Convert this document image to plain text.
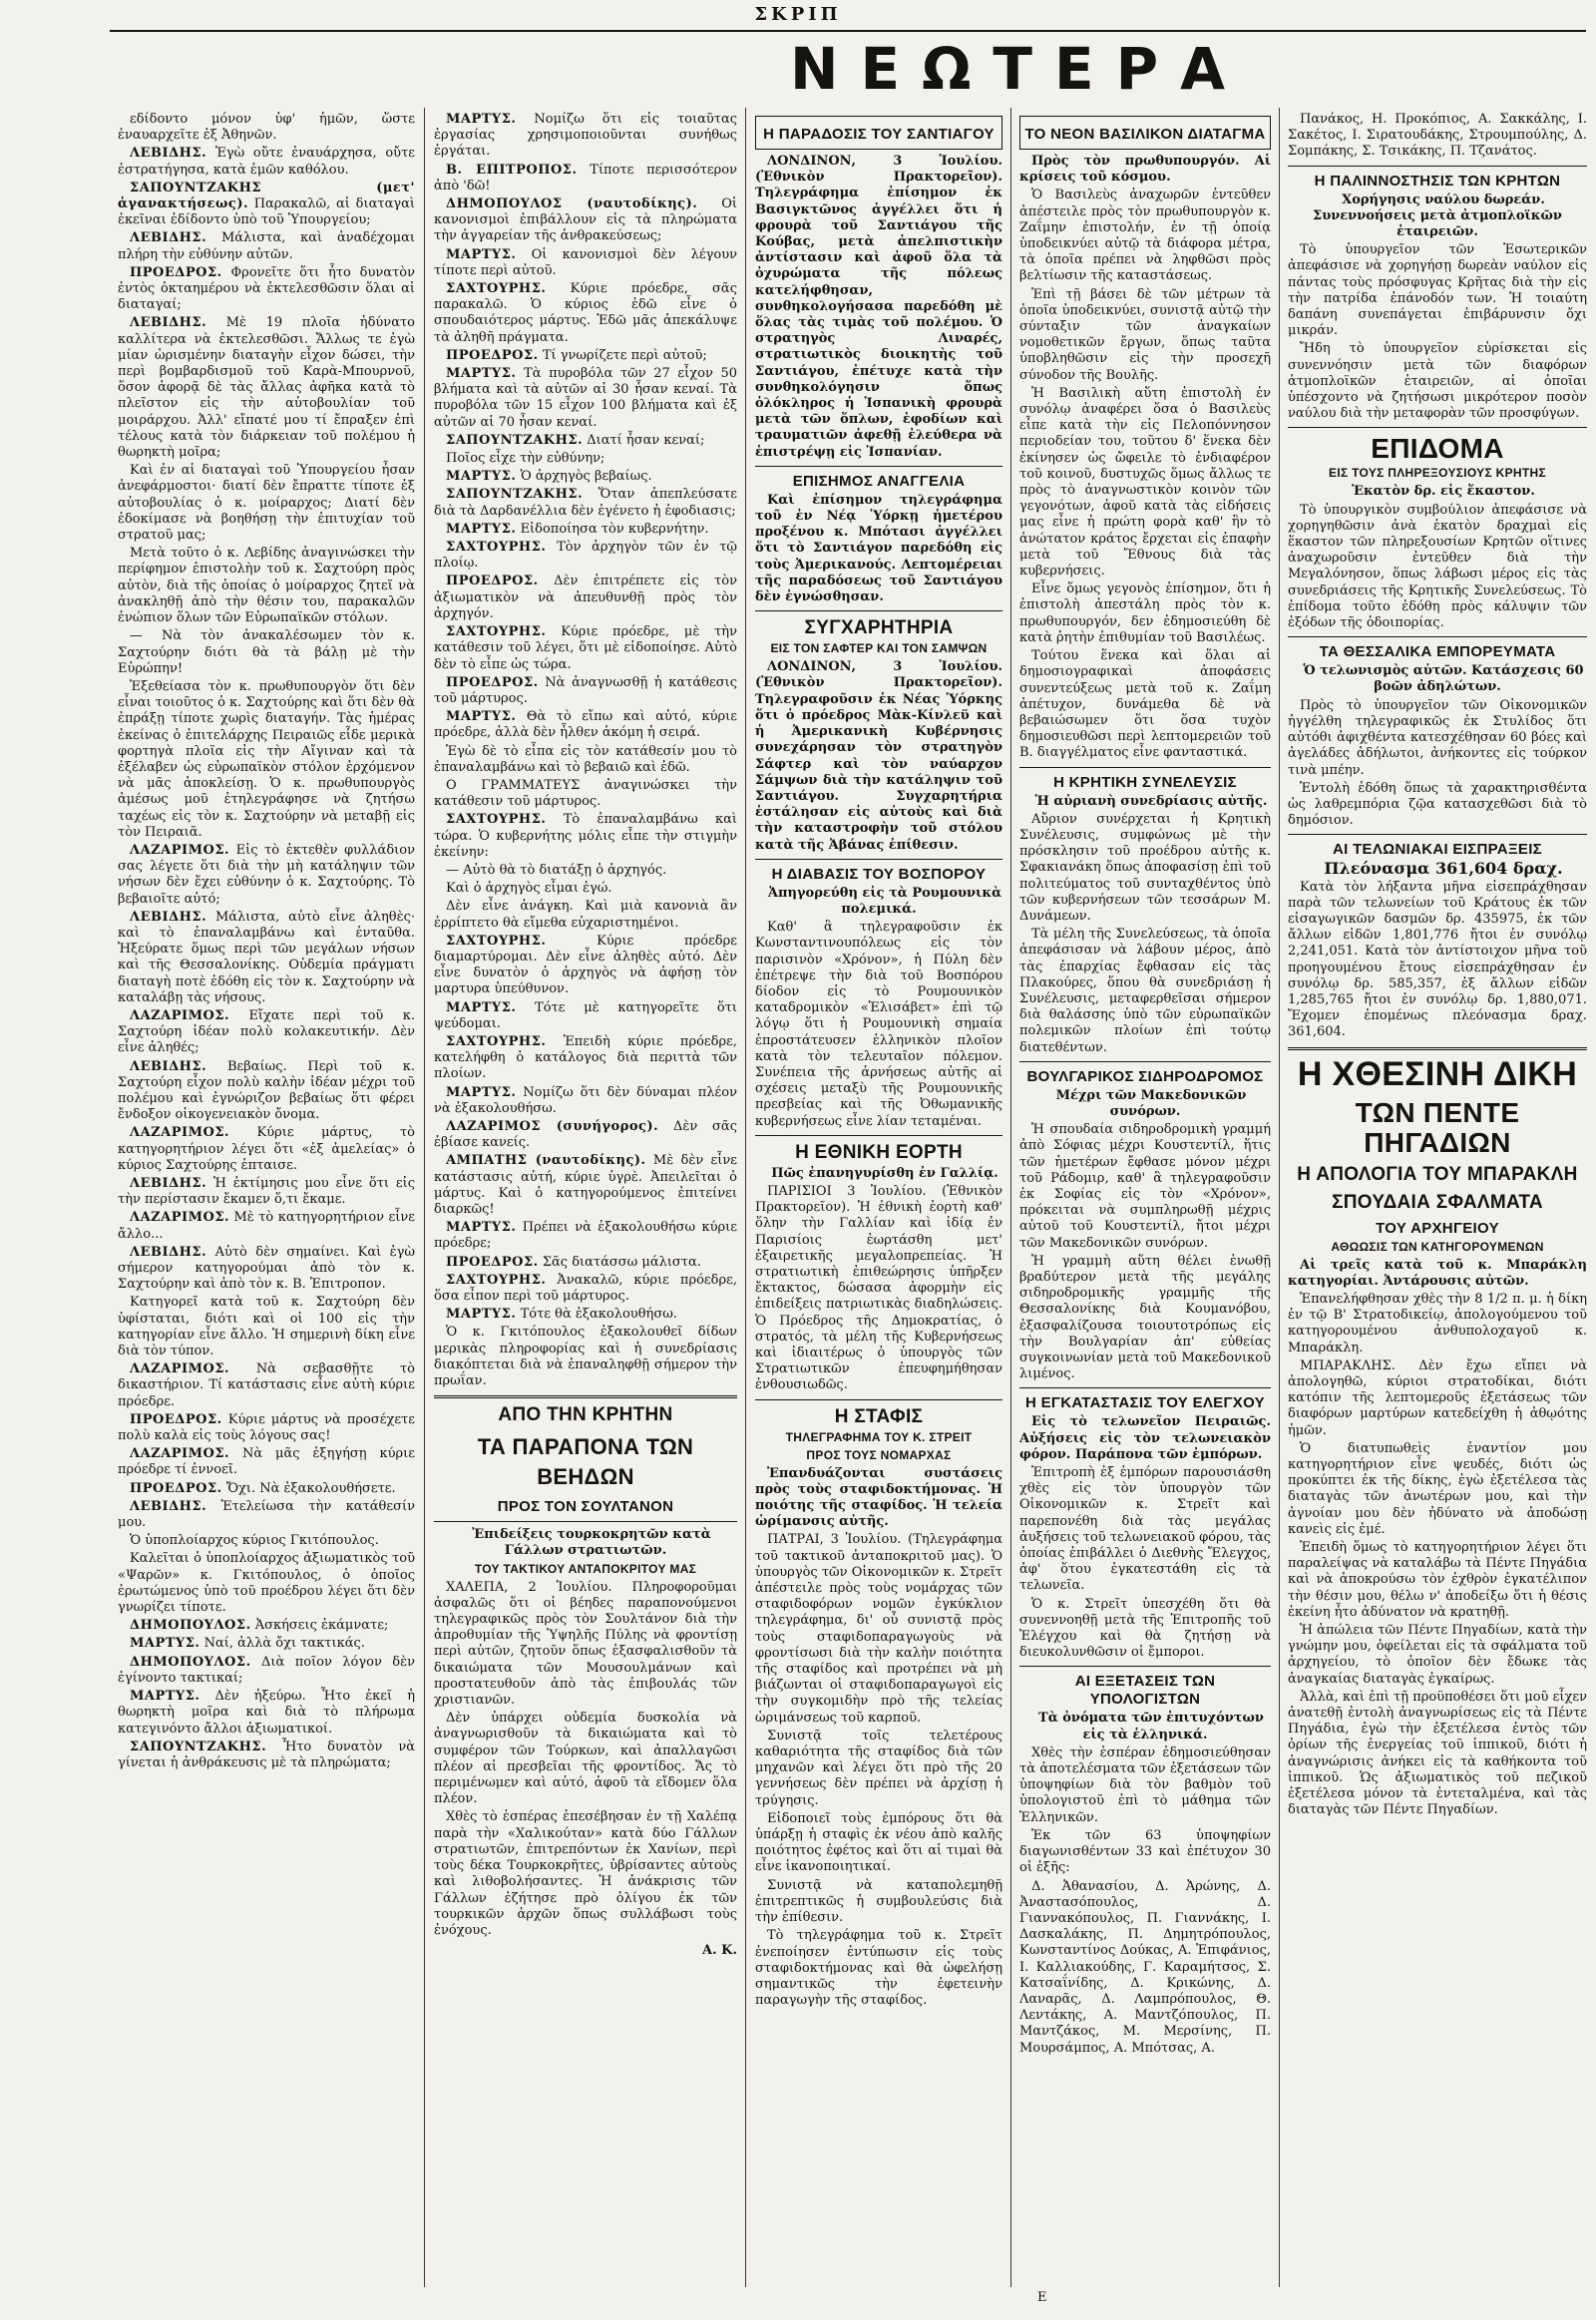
ΣΚΡΙΠ
ΝΕΩΤΕΡΑ

εδίδοντο μόνον ὑφ' ἡμῶν, ὥστε ἐναυαρχεῖτε ἐξ Ἀθηνῶν.

ΛΕΒΙΔΗΣ. Ἐγὼ οὔτε ἐναυάρχησα, οὔτε ἐστρατήγησα, κατὰ ἐμῶν καθόλου.

ΣΑΠΟΥΝΤΖΑΚΗΣ (μετ' ἀγανακτήσεως). Παρακαλῶ, αἱ διαταγαὶ ἐκεῖναι ἐδίδοντο ὑπὸ τοῦ Ὑπουργείου;

ΛΕΒΙΔΗΣ. Μάλιστα, καὶ ἀναδέχομαι πλήρη τὴν εὐθύνην αὐτῶν.

ΠΡΟΕΔΡΟΣ. Φρονεῖτε ὅτι ἦτο δυνατὸν ἐντὸς ὀκταημέρου νὰ ἐκτελεσθῶσιν ὅλαι αἱ διαταγαί;

ΛΕΒΙΔΗΣ. Μὲ 19 πλοῖα ἠδύνατο καλλίτερα νὰ ἐκτελεσθῶσι. Ἄλλως τε ἐγὼ μίαν ὡρισμένην διαταγὴν εἶχον δώσει, τὴν περὶ βομβαρδισμοῦ τοῦ Καρὰ-Μπουρνοῦ, ὅσον ἀφορᾷ δὲ τὰς ἄλλας ἀφῆκα κατὰ τὸ πλεῖστον εἰς τὴν αὐτοβουλίαν τοῦ μοιράρχου. Ἀλλ' εἴπατέ μου τί ἔπραξεν ἐπὶ τέλους κατὰ τὸν διάρκειαν τοῦ πολέμου ἡ θωρηκτὴ μοῖρα;

Καὶ ἐν αἱ διαταγαὶ τοῦ Ὑπουργείου ἦσαν ἀνεφάρμοστοι· διατί δὲν ἔπραττε τίποτε ἐξ αὐτοβουλίας ὁ κ. μοίραρχος; Διατί δὲν ἐδοκίμασε νὰ βοηθήσῃ τὴν ἐπιτυχίαν τοῦ στρατοῦ μας;

Μετὰ τοῦτο ὁ κ. Λεβίδης ἀναγινώσκει τὴν περίφημον ἐπιστολὴν τοῦ κ. Σαχτούρη πρὸς αὐτὸν, διὰ τῆς ὁποίας ὁ μοίραρχος ζητεῖ νὰ ἀνακληθῇ ἀπὸ τὴν θέσιν του, παρακαλῶν ἐνώπιον ὅλων τῶν Εὐρωπαϊκῶν στόλων.

— Νὰ τὸν ἀνακαλέσωμεν τὸν κ. Σαχτούρην διότι θὰ τὰ βάλῃ μὲ τὴν Εὐρώπην!

Ἐξεθείασα τὸν κ. πρωθυπουργὸν ὅτι δὲν εἶναι τοιοῦτος ὁ κ. Σαχτούρης καὶ ὅτι δὲν θὰ ἐπράξῃ τίποτε χωρὶς διαταγήν. Τὰς ἡμέρας ἐκείνας ὁ ἐπιτελάρχης Πειραιῶς εἶδε μερικὰ φορτηγὰ πλοῖα εἰς τὴν Αἴγιναν καὶ τὰ ἐξέλαβεν ὡς εὐρωπαϊκὸν στόλον ἐρχόμενον νὰ μᾶς ἀποκλείσῃ. Ὁ κ. πρωθυπουργὸς ἀμέσως μοῦ ἐτηλεγράφησε νὰ ζητήσω ταχέως εἰς τὸν κ. Σαχτούρην νὰ μεταβῇ εἰς τὸν Πειραιᾶ.

ΛΑΖΑΡΙΜΟΣ. Εἰς τὸ ἐκτεθὲν φυλλάδιον σας λέγετε ὅτι διὰ τὴν μὴ κατάληψιν τῶν νήσων δὲν ἔχει εὐθύνην ὁ κ. Σαχτούρης. Τὸ βεβαιοῖτε αὐτό;

ΛΕΒΙΔΗΣ. Μάλιστα, αὐτὸ εἶνε ἀληθὲς· καὶ τὸ ἐπαναλαμβάνω καὶ ἐνταῦθα. Ἠξεύρατε ὅμως περὶ τῶν μεγάλων νήσων καὶ τῆς Θεσσαλονίκης. Οὐδεμία πράγματι διαταγὴ ποτὲ ἐδόθη εἰς τὸν κ. Σαχτούρην νὰ καταλάβῃ τὰς νήσους.

ΛΑΖΑΡΙΜΟΣ. Εἴχατε περὶ τοῦ κ. Σαχτούρη ἰδέαν πολὺ κολακευτικήν. Δὲν εἶνε ἀληθές;

ΛΕΒΙΔΗΣ. Βεβαίως. Περὶ τοῦ κ. Σαχτούρη εἶχον πολὺ καλὴν ἰδέαν μέχρι τοῦ πολέμου καὶ ἐγνώριζον βεβαίως ὅτι φέρει ἔνδοξον οἰκογενειακὸν ὄνομα.

ΛΑΖΑΡΙΜΟΣ. Κύριε μάρτυς, τὸ κατηγορητήριον λέγει ὅτι «ἐξ ἀμελείας» ὁ κύριος Σαχτούρης ἐπταισε.

ΛΕΒΙΔΗΣ. Ἡ ἐκτίμησις μου εἶνε ὅτι εἰς τὴν περίστασιν ἔκαμεν ὅ,τι ἔκαμε.

ΛΑΖΑΡΙΜΟΣ. Μὲ τὸ κατηγορητήριον εἶνε ἄλλο...

ΛΕΒΙΔΗΣ. Αὐτὸ δὲν σημαίνει. Καὶ ἐγὼ σήμερον κατηγορούμαι ἀπὸ τὸν κ. Σαχτούρην καὶ ἀπὸ τὸν κ. Β. Ἐπιτροπον.

Κατηγορεῖ κατὰ τοῦ κ. Σαχτούρη δὲν ὑφίσταται, διότι καὶ οἱ 100 εἰς τὴν κατηγορίαν εἶνε ἄλλο. Ἡ σημερινὴ δίκη εἶνε διὰ τὸν τύπον.

ΛΑΖΑΡΙΜΟΣ. Νὰ σεβασθῇτε τὸ δικαστήριον. Τί κατάστασις εἶνε αὐτὴ κύριε πρόεδρε.

ΠΡΟΕΔΡΟΣ. Κύριε μάρτυς νὰ προσέχετε πολὺ καλὰ εἰς τοὺς λόγους σας!

ΛΑΖΑΡΙΜΟΣ. Νὰ μᾶς ἐξηγήσῃ κύριε πρόεδρε τί ἐννοεῖ.

ΠΡΟΕΔΡΟΣ. Ὄχι. Νὰ ἐξακολουθήσετε.

ΛΕΒΙΔΗΣ. Ἐτελείωσα τὴν κατάθεσίν μου.

Ὁ ὑποπλοίαρχος κύριος Γκιτόπουλος.

Καλεῖται ὁ ὑποπλοίαρχος ἀξιωματικὸς τοῦ «Ψαρῶν» κ. Γκιτόπουλος, ὁ ὁποῖος ἐρωτώμενος ὑπὸ τοῦ προέδρου λέγει ὅτι δὲν γνωρίζει τίποτε.

ΔΗΜΟΠΟΥΛΟΣ. Ἀσκήσεις ἐκάμνατε;

ΜΑΡΤΥΣ. Ναί, ἀλλὰ ὄχι τακτικάς.

ΔΗΜΟΠΟΥΛΟΣ. Διὰ ποῖον λόγον δὲν ἐγίνοντο τακτικαί;

ΜΑΡΤΥΣ. Δὲν ἠξεύρω. Ἦτο ἐκεῖ ἡ θωρηκτὴ μοῖρα καὶ διὰ τὸ πλήρωμα κατεγινόντο ἄλλοι ἀξιωματικοί.

ΣΑΠΟΥΝΤΖΑΚΗΣ. Ἦτο δυνατὸν νὰ γίνεται ἡ ἀνθράκευσις μὲ τὰ πληρώματα;

ΜΑΡΤΥΣ. Νομίζω ὅτι εἰς τοιαῦτας ἐργασίας χρησιμοποιοῦνται συνήθως ἐργάται.

Β. ΕΠΙΤΡΟΠΟΣ. Τίποτε περισσότερον ἀπὸ 'δῶ!

ΔΗΜΟΠΟΥΛΟΣ (ναυτοδίκης). Οἱ κανονισμοὶ ἐπιβάλλουν εἰς τὰ πληρώματα τὴν ἀγγαρείαν τῆς ἀνθρακεύσεως;

ΜΑΡΤΥΣ. Οἱ κανονισμοὶ δὲν λέγουν τίποτε περὶ αὐτοῦ.

ΣΑΧΤΟΥΡΗΣ. Κύριε πρόεδρε, σᾶς παρακαλῶ. Ὁ κύριος ἐδῶ εἶνε ὁ σπουδαιότερος μάρτυς. Ἐδῶ μᾶς ἀπεκάλυψε τὰ ἀληθῆ πράγματα.

ΠΡΟΕΔΡΟΣ. Τί γνωρίζετε περὶ αὐτοῦ;

ΜΑΡΤΥΣ. Τὰ πυροβόλα τῶν 27 εἶχον 50 βλήματα καὶ τὰ αὐτῶν αἱ 30 ἦσαν κεναί. Τὰ πυροβόλα τῶν 15 εἶχον 100 βλήματα καὶ ἐξ αὐτῶν αἱ 70 ἦσαν κεναί.

ΣΑΠΟΥΝΤΖΑΚΗΣ. Διατί ἦσαν κεναί;

Ποῖος εἶχε τὴν εὐθύνην;

ΜΑΡΤΥΣ. Ὁ ἀρχηγὸς βεβαίως.

ΣΑΠΟΥΝΤΖΑΚΗΣ. Ὅταν ἀπεπλεύσατε διὰ τὰ Δαρδανέλλια δὲν ἐγένετο ἡ ἐφοδιασις;

ΜΑΡΤΥΣ. Εἰδοποίησα τὸν κυβερνήτην.

ΣΑΧΤΟΥΡΗΣ. Τὸν ἀρχηγὸν τῶν ἐν τῷ πλοίῳ.

ΠΡΟΕΔΡΟΣ. Δὲν ἐπιτρέπετε εἰς τὸν ἀξιωματικὸν νὰ ἀπευθυνθῇ πρὸς τὸν ἀρχηγόν.

ΣΑΧΤΟΥΡΗΣ. Κύριε πρόεδρε, μὲ τὴν κατάθεσιν τοῦ λέγει, ὅτι μὲ εἰδοποίησε. Αὐτὸ δὲν τὸ εἶπε ὡς τώρα.

ΠΡΟΕΔΡΟΣ. Νὰ ἀναγνωσθῇ ἡ κατάθεσις τοῦ μάρτυρος.

ΜΑΡΤΥΣ. Θὰ τὸ εἴπω καὶ αὐτό, κύριε πρόεδρε, ἀλλὰ δὲν ἦλθεν ἀκόμη ἡ σειρά.

Ἐγὼ δὲ τὸ εἶπα εἰς τὸν κατάθεσίν μου τὸ ἐπαναλαμβάνω καὶ τὸ βεβαιῶ καὶ ἐδῶ.

Ο ΓΡΑΜΜΑΤΕΥΣ ἀναγινώσκει τὴν κατάθεσιν τοῦ μάρτυρος.

ΣΑΧΤΟΥΡΗΣ. Τὸ ἐπαναλαμβάνω καὶ τώρα. Ὁ κυβερνήτης μόλις εἶπε τὴν στιγμὴν ἐκείνην:

— Αὐτὸ θὰ τὸ διατάξῃ ὁ ἀρχηγός.

Καὶ ὁ ἀρχηγὸς εἶμαι ἐγώ.

Δὲν εἶνε ἀνάγκη. Καὶ μιὰ κανονιὰ ἂν ἐρρίπτετο θὰ εἴμεθα εὐχαριστημένοι.

ΣΑΧΤΟΥΡΗΣ. Κύριε πρόεδρε διαμαρτύρομαι. Δὲν εἶνε ἀληθὲς αὐτό. Δὲν εἶνε δυνατὸν ὁ ἀρχηγὸς νὰ ἀφήσῃ τὸν μαρτυρα ὑπεύθυνον.

ΜΑΡΤΥΣ. Τότε μὲ κατηγορεῖτε ὅτι ψεύδομαι.

ΣΑΧΤΟΥΡΗΣ. Ἐπειδὴ κύριε πρόεδρε, κατελήφθη ὁ κατάλογος διὰ περιττὰ τῶν πλοίων.

ΜΑΡΤΥΣ. Νομίζω ὅτι δὲν δύναμαι πλέον νὰ ἐξακολουθήσω.

ΛΑΖΑΡΙΜΟΣ (συνήγορος). Δὲν σᾶς ἐβίασε κανείς.

ΑΜΠΑΤΗΣ (ναυτοδίκης). Μὲ δὲν εἶνε κατάστασις αὐτή, κύριε ὑγρὲ. Ἀπειλεῖται ὁ μάρτυς. Καὶ ὁ κατηγορούμενος ἐπιτείνει διαρκῶς!

ΜΑΡΤΥΣ. Πρέπει νὰ ἐξακολουθήσω κύριε πρόεδρε;

ΠΡΟΕΔΡΟΣ. Σᾶς διατάσσω μάλιστα.

ΣΑΧΤΟΥΡΗΣ. Ἀνακαλῶ, κύριε πρόεδρε, ὅσα εἶπον περὶ τοῦ μάρτυρος.

ΜΑΡΤΥΣ. Τότε θὰ ἐξακολουθήσω.

Ὁ κ. Γκιτόπουλος ἐξακολουθεῖ δίδων μερικὰς πληροφορίας καὶ ἡ συνεδρίασις διακόπτεται διὰ νὰ ἐπαναληφθῇ σήμερον τὴν πρωΐαν.

ΑΠΟ ΤΗΝ ΚΡΗΤΗΝ
ΤΑ ΠΑΡΑΠΟΝΑ ΤΩΝ ΒΕΗΔΩΝ
ΠΡΟΣ ΤΟΝ ΣΟΥΛΤΑΝΟΝ

Ἐπιδείξεις τουρκοκρητῶν κατὰ Γάλλων στρατιωτῶν.

ΤΟΥ ΤΑΚΤΙΚΟΥ ΑΝΤΑΠΟΚΡΙΤΟΥ ΜΑΣ

ΧΑΛΕΠΑ, 2 Ἰουλίου. Πληροφοροῦμαι ἀσφαλῶς ὅτι οἱ βέηδες παραπονούμενοι τηλεγραφικῶς πρὸς τὸν Σουλτάνον διὰ τὴν ἀπροθυμίαν τῆς Ὑψηλῆς Πύλης νὰ φροντίσῃ περὶ αὐτῶν, ζητοῦν ὅπως ἐξασφαλισθοῦν τὰ δικαιώματα τῶν Μουσουλμάνων καὶ προστατευθοῦν ἀπὸ τὰς ἐπιβουλάς τῶν χριστιανῶν.

Δὲν ὑπάρχει οὐδεμία δυσκολία νὰ ἀναγνωρισθοῦν τὰ δικαιώματα καὶ τὸ συμφέρον τῶν Τούρκων, καὶ ἀπαλλαγῶσι πλέον αἱ πρεσβεῖαι τῆς φροντίδος. Ἄς τὸ περιμένωμεν καὶ αὐτό, ἀφοῦ τὰ εἴδομεν ὅλα πλέον.

Χθὲς τὸ ἑσπέρας ἐπεσέβησαν ἐν τῇ Χαλέπᾳ παρὰ τὴν «Χαλικούταν» κατὰ δύο Γάλλων στρατιωτῶν, ἐπιτρεπόντων ἐκ Χανίων, περὶ τοὺς δέκα Τουρκοκρῆτες, ὑβρίσαντες αὐτοὺς καὶ λιθοβολήσαντες. Ἡ ἀνάκρισις τῶν Γάλλων ἐζήτησε πρὸ ὀλίγου ἐκ τῶν τουρκικῶν ἀρχῶν ὅπως συλλάβωσι τοὺς ἐνόχους.

Α. Κ.
Η ΠΑΡΑΔΟΣΙΣ ΤΟΥ ΣΑΝΤΙΑΓΟΥ

ΛΟΝΔΙΝΟΝ, 3 Ἰουλίου. (Ἐθνικὸν Πρακτορεῖον). Τηλεγράφημα ἐπίσημον ἐκ Βασιγκτῶνος ἀγγέλλει ὅτι ἡ φρουρὰ τοῦ Σαντιάγου τῆς Κούβας, μετὰ ἀπελπιστικὴν ἀντίστασιν καὶ ἀφοῦ ὅλα τὰ ὀχυρώματα τῆς πόλεως κατελήφθησαν, συνθηκολογήσασα παρεδόθη μὲ ὅλας τὰς τιμὰς τοῦ πολέμου. Ὁ στρατηγὸς Λιναρές, στρατιωτικὸς διοικητὴς τοῦ Σαντιάγου, ἐπέτυχε κατὰ τὴν συνθηκολόγησιν ὅπως ὁλόκληρος ἡ Ἰσπανικὴ φρουρὰ μετὰ τῶν ὅπλων, ἐφοδίων καὶ τραυματιῶν ἀφεθῇ ἐλεύθερα νὰ ἐπιστρέψῃ εἰς Ἰσπανίαν.

ΕΠΙΣΗΜΟΣ ΑΝΑΓΓΕΛΙΑ

Καὶ ἐπίσημον τηλεγράφημα τοῦ ἐν Νέᾳ Ὑόρκῃ ἡμετέρου προξένου κ. Μπότασι ἀγγέλλει ὅτι τὸ Σαντιάγον παρεδόθη εἰς τοὺς Ἀμερικανούς. Λεπτομέρειαι τῆς παραδόσεως τοῦ Σαντιάγου δὲν ἐγνώσθησαν.

ΣΥΓΧΑΡΗΤΗΡΙΑ
ΕΙΣ ΤΟΝ ΣΑΦΤΕΡ ΚΑΙ ΤΟΝ ΣΑΜΨΩΝ

ΛΟΝΔΙΝΟΝ, 3 Ἰουλίου. (Ἐθνικὸν Πρακτορεῖον). Τηλεγραφοῦσιν ἐκ Νέας Ὑόρκης ὅτι ὁ πρόεδρος Μὰκ-Κίνλεϋ καὶ ἡ Ἀμερικανικὴ Κυβέρνησις συνεχάρησαν τὸν στρατηγὸν Σάφτερ καὶ τὸν ναύαρχον Σάμψων διὰ τὴν κατάληψιν τοῦ Σαντιάγου. Συγχαρητήρια ἐστάλησαν εἰς αὐτοὺς καὶ διὰ τὴν καταστροφὴν τοῦ στόλου κατὰ τῆς Ἀβάνας ἐπίθεσιν.

Η ΔΙΑΒΑΣΙΣ ΤΟΥ ΒΟΣΠΟΡΟΥ

Ἀπηγορεύθη εἰς τὰ Ρουμουνικὰ πολεμικά.

Καθ' ἃ τηλεγραφοῦσιν ἐκ Κωνσταντινουπόλεως εἰς τὸν παρισινὸν «Χρόνον», ἡ Πύλη δὲν ἐπέτρεψε τὴν διὰ τοῦ Βοσπόρου δίοδον εἰς τὸ Ρουμουνικὸν καταδρομικὸν «Ἐλισάβετ» ἐπὶ τῷ λόγῳ ὅτι ἡ Ρουμουνικὴ σημαία ἐπροστάτευσεν ἑλληνικὸν πλοῖον κατὰ τὸν τελευταῖον πόλεμον. Συνέπεια τῆς ἀρνήσεως αὐτῆς αἱ σχέσεις μεταξὺ τῆς Ρουμουνικῆς πρεσβείας καὶ τῆς Ὀθωμανικῆς κυβερνήσεως εἶνε λίαν τεταμέναι.

Η ΕΘΝΙΚΗ ΕΟΡΤΗ

Πῶς ἐπανηγυρίσθη ἐν Γαλλίᾳ.

ΠΑΡΙΣΙΟΙ 3 Ἰουλίου. (Ἐθνικὸν Πρακτορεῖον). Ἡ ἐθνικὴ ἑορτὴ καθ' ὅλην τὴν Γαλλίαν καὶ ἰδίᾳ ἐν Παρισίοις ἑωρτάσθη μετ' ἐξαιρετικῆς μεγαλοπρεπείας. Ἡ στρατιωτικὴ ἐπιθεώρησις ὑπῆρξεν ἔκτακτος, δώσασα ἀφορμὴν εἰς ἐπιδείξεις πατριωτικὰς διαδηλώσεις. Ὁ Πρόεδρος τῆς Δημοκρατίας, ὁ στρατός, τὰ μέλη τῆς Κυβερνήσεως καὶ ἰδιαιτέρως ὁ ὑπουργὸς τῶν Στρατιωτικῶν ἐπευφημήθησαν ἐνθουσιωδῶς.

Η ΣΤΑΦΙΣ
ΤΗΛΕΓΡΑΦΗΜΑ ΤΟΥ Κ. ΣΤΡΕΙΤ
ΠΡΟΣ ΤΟΥΣ ΝΟΜΑΡΧΑΣ

Ἐπανδυάζονται συστάσεις πρὸς τοὺς σταφιδοκτήμονας. Ἡ ποιότης τῆς σταφίδος. Ἡ τελεία ὡρίμανσις αὐτῆς.

ΠΑΤΡΑΙ, 3 Ἰουλίου. (Τηλεγράφημα τοῦ τακτικοῦ ἀνταποκριτοῦ μας). Ὁ ὑπουργὸς τῶν Οἰκονομικῶν κ. Στρεῖτ ἀπέστειλε πρὸς τοὺς νομάρχας τῶν σταφιδοφόρων νομῶν ἐγκύκλιον τηλεγράφημα, δι' οὗ συνιστᾷ πρὸς τοὺς σταφιδοπαραγωγοὺς νὰ φροντίσωσι διὰ τὴν καλὴν ποιότητα τῆς σταφίδος καὶ προτρέπει νὰ μὴ βιάζωνται οἱ σταφιδοπαραγωγοὶ εἰς τὴν συγκομιδὴν πρὸ τῆς τελείας ὡριμάνσεως τοῦ καρποῦ.

Συνιστᾷ τοῖς τελετέρους καθαριότητα τῆς σταφίδος διὰ τῶν μηχανῶν καὶ λέγει ὅτι πρὸ τῆς 20 γεννήσεως δὲν πρέπει νὰ ἀρχίσῃ ἡ τρύγησις.

Εἰδοποιεῖ τοὺς ἐμπόρους ὅτι θὰ ὑπάρξῃ ἡ σταφὶς ἐκ νέου ἀπὸ καλῆς ποιότητος ἐφέτος καὶ ὅτι αἱ τιμαὶ θὰ εἶνε ἱκανοποιητικαί.

Συνιστᾷ νὰ καταπολεμηθῇ ἐπιτρεπτικῶς ἡ συμβουλεύσις διὰ τὴν ἐπίθεσιν.

Τὸ τηλεγράφημα τοῦ κ. Στρεῖτ ἐνεποίησεν ἐντύπωσιν εἰς τοὺς σταφιδοκτήμονας καὶ θὰ ὠφελήσῃ σημαντικῶς τὴν ἐφετεινὴν παραγωγὴν τῆς σταφίδος.

ΤΟ ΝΕΟΝ ΒΑΣΙΛΙΚΟΝ ΔΙΑΤΑΓΜΑ

Πρὸς τὸν πρωθυπουργόν. Αἱ κρίσεις τοῦ κόσμου.

Ὁ Βασιλεὺς ἀναχωρῶν ἐντεῦθεν ἀπέστειλε πρὸς τὸν πρωθυπουργὸν κ. Ζαΐμην ἐπιστολήν, ἐν τῇ ὁποίᾳ ὑποδεικνύει αὐτῷ τὰ διάφορα μέτρα, τὰ ὁποῖα πρέπει νὰ ληφθῶσι πρὸς βελτίωσιν τῆς καταστάσεως.

Ἐπὶ τῇ βάσει δὲ τῶν μέτρων τὰ ὁποῖα ὑποδεικνύει, συνιστᾷ αὐτῷ τὴν σύνταξιν τῶν ἀναγκαίων νομοθετικῶν ἔργων, ὅπως ταῦτα ὑποβληθῶσιν εἰς τὴν προσεχῆ σύνοδον τῆς Βουλῆς.

Ἡ Βασιλικὴ αὕτη ἐπιστολὴ ἐν συνόλῳ ἀναφέρει ὅσα ὁ Βασιλεὺς εἶπε κατὰ τὴν εἰς Πελοπόννησον περιοδείαν του, τοῦτου δ' ἕνεκα δὲν ἐκίνησεν ὡς ὤφειλε τὸ ἐνδιαφέρον τοῦ κοινοῦ, δυστυχῶς ὅμως ἄλλως τε πρὸς τὸ ἀναγνωστικὸν κοινὸν τῶν γεγονότων, ἀφοῦ κατὰ τὰς εἰδήσεις μας εἶνε ἡ πρώτη φορὰ καθ' ἣν τὸ ἀνώτατον κράτος ἔρχεται εἰς ἐπαφὴν μετὰ τοῦ Ἔθνους διὰ τὰς κυβερνήσεις.

Εἶνε ὅμως γεγονὸς ἐπίσημον, ὅτι ἡ ἐπιστολὴ ἀπεστάλη πρὸς τὸν κ. πρωθυπουργόν, δεν ἐδημοσιεύθη δὲ κατὰ ῥητὴν ἐπιθυμίαν τοῦ Βασιλέως.

Τούτου ἕνεκα καὶ ὅλαι αἱ δημοσιογραφικαὶ ἀποφάσεις συνεντεύξεως μετὰ τοῦ κ. Ζαΐμη ἀπέτυχον, δυνάμεθα δὲ νὰ βεβαιώσωμεν ὅτι ὅσα τυχὸν δημοσιευθῶσι περὶ λεπτομερειῶν τοῦ Β. διαγγέλματος εἶνε φανταστικά.

Η ΚΡΗΤΙΚΗ ΣΥΝΕΛΕΥΣΙΣ

Ἡ αὐριανὴ συνεδρίασις αὐτῆς.

Αὔριον συνέρχεται ἡ Κρητικὴ Συνέλευσις, συμφώνως μὲ τὴν πρόσκλησιν τοῦ προέδρου αὐτῆς κ. Σφακιανάκη ὅπως ἀποφασίσῃ ἐπὶ τοῦ πολιτεύματος τοῦ συνταχθέντος ὑπὸ τῶν κυβερνήσεων τῶν τεσσάρων Μ. Δυνάμεων.

Τὰ μέλη τῆς Συνελεύσεως, τὰ ὁποῖα ἀπεφάσισαν νὰ λάβουν μέρος, ἀπὸ τὰς ἐπαρχίας ἔφθασαν εἰς τὰς Πλακούρες, ὅπου θὰ συνεδριάσῃ ἡ Συνέλευσις, μεταφερθεῖσαι σήμερον διὰ θαλάσσης ὑπὸ τῶν εὐρωπαϊκῶν πολεμικῶν πλοίων ἐπὶ τούτῳ διατεθέντων.

ΒΟΥΛΓΑΡΙΚΟΣ ΣΙΔΗΡΟΔΡΟΜΟΣ

Μέχρι τῶν Μακεδονικῶν συνόρων.

Ἡ σπουδαία σιδηροδρομικὴ γραμμή ἀπὸ Σόφιας μέχρι Κουστεντίλ, ἥτις τῶν ἡμετέρων ἔφθασε μόνον μέχρι τοῦ Ράδομιρ, καθ' ἃ τηλεγραφοῦσιν ἐκ Σοφίας εἰς τὸν «Χρόνον», πρόκειται νὰ συμπληρωθῇ μέχρις αὐτοῦ τοῦ Κουστεντίλ, ἤτοι μέχρι τῶν Μακεδονικῶν συνόρων.

Ἡ γραμμὴ αὕτη θέλει ἑνωθῇ βραδύτερον μετὰ τῆς μεγάλης σιδηροδρομικῆς γραμμῆς τῆς Θεσσαλονίκης διὰ Κουμανόβου, ἐξασφαλίζουσα τοιουτοτρόπως εἰς τὴν Βουλγαρίαν ἀπ' εὐθείας συγκοινωνίαν μετὰ τοῦ Μακεδονικοῦ λιμένος.

Η ΕΓΚΑΤΑΣΤΑΣΙΣ ΤΟΥ ΕΛΕΓΧΟΥ

Εἰς τὸ τελωνεῖον Πειραιῶς. Αὐξήσεις εἰς τὸν τελωνειακὸν φόρον. Παράπονα τῶν ἐμπόρων.

Ἐπιτροπὴ ἐξ ἐμπόρων παρουσιάσθη χθὲς εἰς τὸν ὑπουργὸν τῶν Οἰκονομικῶν κ. Στρεῖτ καὶ παρεπονέθη διὰ τὰς μεγάλας ἀυξήσεις τοῦ τελωνειακοῦ φόρου, τὰς ὁποίας ἐπιβάλλει ὁ Διεθνὴς Ἔλεγχος, ἀφ' ὅτου ἐγκατεστάθη εἰς τὰ τελωνεῖα.

Ὁ κ. Στρεῖτ ὑπεσχέθη ὅτι θὰ συνεννοηθῇ μετὰ τῆς Ἐπιτροπῆς τοῦ Ἐλέγχου καὶ θὰ ζητήσῃ νὰ διευκολυνθῶσιν οἱ ἔμποροι.

ΑΙ ΕΞΕΤΑΣΕΙΣ ΤΩΝ ΥΠΟΛΟΓΙΣΤΩΝ

Τὰ ὀνόματα τῶν ἐπιτυχόντων εἰς τὰ ἑλληνικά.

Χθὲς τὴν ἑσπέραν ἐδημοσιεύθησαν τὰ ἀποτελέσματα τῶν ἐξετάσεων τῶν ὑποψηφίων διὰ τὸν βαθμὸν τοῦ ὑπολογιστοῦ ἐπὶ τὸ μάθημα τῶν Ἑλληνικῶν.

Ἐκ τῶν 63 ὑποψηφίων διαγωνισθέντων 33 καὶ ἐπέτυχον 30 οἱ ἐξῆς:

Δ. Ἀθανασίου, Δ. Ἀρώνης, Δ. Ἀναστασόπουλος, Δ. Γιαννακόπουλος, Π. Γιαννάκης, Ι. Δασκαλάκης, Π. Δημητρόπουλος, Κωνσταντίνος Δούκας, Α. Ἐπιφάνιος, Ι. Καλλιακούδης, Γ. Καραμήτσος, Σ. Κατσαΐνίδης, Δ. Κρικώνης, Δ. Λαναρᾶς, Δ. Λαμπρόπουλος, Θ. Λεντάκης, Α. Μαντζόπουλος, Π. Μαντζάκος, Μ. Μερσίνης, Π. Μουρσάμπος, Α. Μπότσας, Α.

Πανάκος, Η. Προκόπιος, Α. Σακκάλης, Ι. Σακέτος, Ι. Σιρατουδάκης, Στρουμπούλης, Δ. Σομπάκης, Σ. Τσικάκης, Π. Τζανάτος.

Η ΠΑΛΙΝΝΟΣΤΗΣΙΣ ΤΩΝ ΚΡΗΤΩΝ

Χορήγησις ναύλου δωρεάν. Συνεννοήσεις μετὰ ἀτμοπλοϊκῶν ἑταιρειῶν.

Τὸ ὑπουργεῖον τῶν Ἐσωτερικῶν ἀπεφάσισε νὰ χορηγήσῃ δωρεὰν ναύλον εἰς πάντας τοὺς πρόσφυγας Κρῆτας διὰ τὴν εἰς τὴν πατρίδα ἐπάνοδόν των. Ἡ τοιαύτη δαπάνη συνεπάγεται ἐπιβάρυνσιν ὄχι μικράν.

Ἤδη τὸ ὑπουργεῖον εὑρίσκεται εἰς συνεννόησιν μετὰ τῶν διαφόρων ἀτμοπλοϊκῶν ἑταιρειῶν, αἱ ὁποῖαι ὑπέσχοντο νὰ ζητήσωσι μικρότερον ποσὸν ναύλου διὰ τὴν μεταφορὰν τῶν προσφύγων.

ΕΠΙΔΟΜΑ
ΕΙΣ ΤΟΥΣ ΠΛΗΡΕΞΟΥΣΙΟΥΣ ΚΡΗΤΗΣ

Ἑκατὸν δρ. εἰς ἕκαστον.

Τὸ ὑπουργικὸν συμβούλιον ἀπεφάσισε νὰ χορηγηθῶσιν ἀνὰ ἑκατὸν δραχμαὶ εἰς ἕκαστον τῶν πληρεξουσίων Κρητῶν οἵτινες ἀναχωροῦσιν ἐντεῦθεν διὰ τὴν Μεγαλόνησον, ὅπως λάβωσι μέρος εἰς τὰς συνεδριάσεις τῆς Κρητικῆς Συνελεύσεως. Τὸ ἐπίδομα τοῦτο ἐδόθη πρὸς κάλυψιν τῶν ἐξόδων τῆς ὁδοιπορίας.

ΤΑ ΘΕΣΣΑΛΙΚΑ ΕΜΠΟΡΕΥΜΑΤΑ

Ὁ τελωνισμὸς αὐτῶν. Κατάσχεσις 60 βοῶν ἀδηλώτων.

Πρὸς τὸ ὑπουργεῖον τῶν Οἰκονομικῶν ἠγγέλθη τηλεγραφικῶς ἐκ Στυλίδος ὅτι αὐτόθι ἀφιχθέντα κατεσχέθησαν 60 βόες καὶ ἀγελάδες ἀδήλωτοι, ἀνήκοντες εἰς τούρκον τινὰ μπέην.

Ἐντολὴ ἐδόθη ὅπως τὰ χαρακτηρισθέντα ὡς λαθρεμπόρια ζῷα κατασχεθῶσι διὰ τὸ δημόσιον.

ΑΙ ΤΕΛΩΝΙΑΚΑΙ ΕΙΣΠΡΑΞΕΙΣ

Πλεόνασμα 361,604 δραχ.

Κατὰ τὸν λήξαντα μῆνα εἰσεπράχθησαν παρὰ τῶν τελωνείων τοῦ Κράτους ἐκ τῶν εἰσαγωγικῶν δασμῶν δρ. 435975, ἐκ τῶν ἄλλων εἰδῶν 1,801,776 ἤτοι ἐν συνόλῳ 2,241,051. Κατὰ τὸν ἀντίστοιχον μῆνα τοῦ προηγουμένου ἔτους εἰσεπράχθησαν ἐν συνόλῳ δρ. 585,357, ἐξ ἄλλων εἰδῶν 1,285,765 ἤτοι ἐν συνόλῳ δρ. 1,880,071. Ἔχομεν ἐπομένως πλεόνασμα δραχ. 361,604.

Η ΧΘΕΣΙΝΗ ΔΙΚΗ
ΤΩΝ ΠΕΝΤΕ ΠΗΓΑΔΙΩΝ
Η ΑΠΟΛΟΓΙΑ ΤΟΥ ΜΠΑΡΑΚΛΗ
ΣΠΟΥΔΑΙΑ ΣΦΑΛΜΑΤΑ
ΤΟΥ ΑΡΧΗΓΕΙΟΥ
ΑΘΩΩΣΙΣ ΤΩΝ ΚΑΤΗΓΟΡΟΥΜΕΝΩΝ

Αἱ τρεῖς κατὰ τοῦ κ. Μπαράκλη κατηγορίαι. Ἀντάρουσις αὐτῶν.

Ἐπανελήφθησαν χθὲς τὴν 8 1/2 π. μ. ἡ δίκη ἐν τῷ Β' Στρατοδικείῳ, ἀπολογούμενου τοῦ κατηγορουμένου ἀνθυπολοχαγοῦ κ. Μπαράκλη.

ΜΠΑΡΑΚΛΗΣ. Δὲν ἔχω εἴπει νὰ ἀπολογηθῶ, κύριοι στρατοδίκαι, διότι κατόπιν τῆς λεπτομεροῦς ἐξετάσεως τῶν διαφόρων μαρτύρων κατεδείχθη ἡ ἀθῳότης ἡμῶν.

Ὁ διατυπωθεὶς ἐναντίον μου κατηγορητήριον εἶνε ψευδές, διότι ὡς προκύπτει ἐκ τῆς δίκης, ἐγὼ ἐξετέλεσα τὰς διαταγὰς τῶν ἀνωτέρων μου, καὶ τὴν ἀγνοίαν μου δὲν ἠδύνατο νὰ ἀποδώσῃ κανεὶς εἰς ἐμέ.

Ἐπειδὴ ὅμως τὸ κατηγορητήριον λέγει ὅτι παραλείψας νὰ καταλάβω τὰ Πέντε Πηγάδια καὶ νὰ ἀποκρούσω τὸν ἐχθρὸν ἐγκατέλιπον τὴν θέσιν μου, θέλω ν' ἀποδείξω ὅτι ἡ θέσις ἐκείνη ἦτο ἀδύνατον νὰ κρατηθῇ.

Ἡ ἀπώλεια τῶν Πέντε Πηγαδίων, κατὰ τὴν γνώμην μου, ὀφείλεται εἰς τὰ σφάλματα τοῦ ἀρχηγείου, τὸ ὁποῖον δὲν ἔδωκε τὰς ἀναγκαίας διαταγὰς ἐγκαίρως.

Ἀλλὰ, καὶ ἐπὶ τῇ προϋποθέσει ὅτι μοῦ εἶχεν ἀνατεθῇ ἐντολὴ ἀναγνωρίσεως εἰς τὰ Πέντε Πηγάδια, ἐγὼ τὴν ἐξετέλεσα ἐντὸς τῶν ὁρίων τῆς ἐνεργείας τοῦ ἱππικοῦ, διότι ἡ ἀναγνώρισις ἀνήκει εἰς τὰ καθήκοντα τοῦ ἱππικοῦ. Ὡς ἀξιωματικὸς τοῦ πεζικοῦ ἐξετέλεσα μόνον τὰ ἐντεταλμένα, καὶ τὰς διαταγὰς τῶν Πέντε Πηγαδίων.

Ε
